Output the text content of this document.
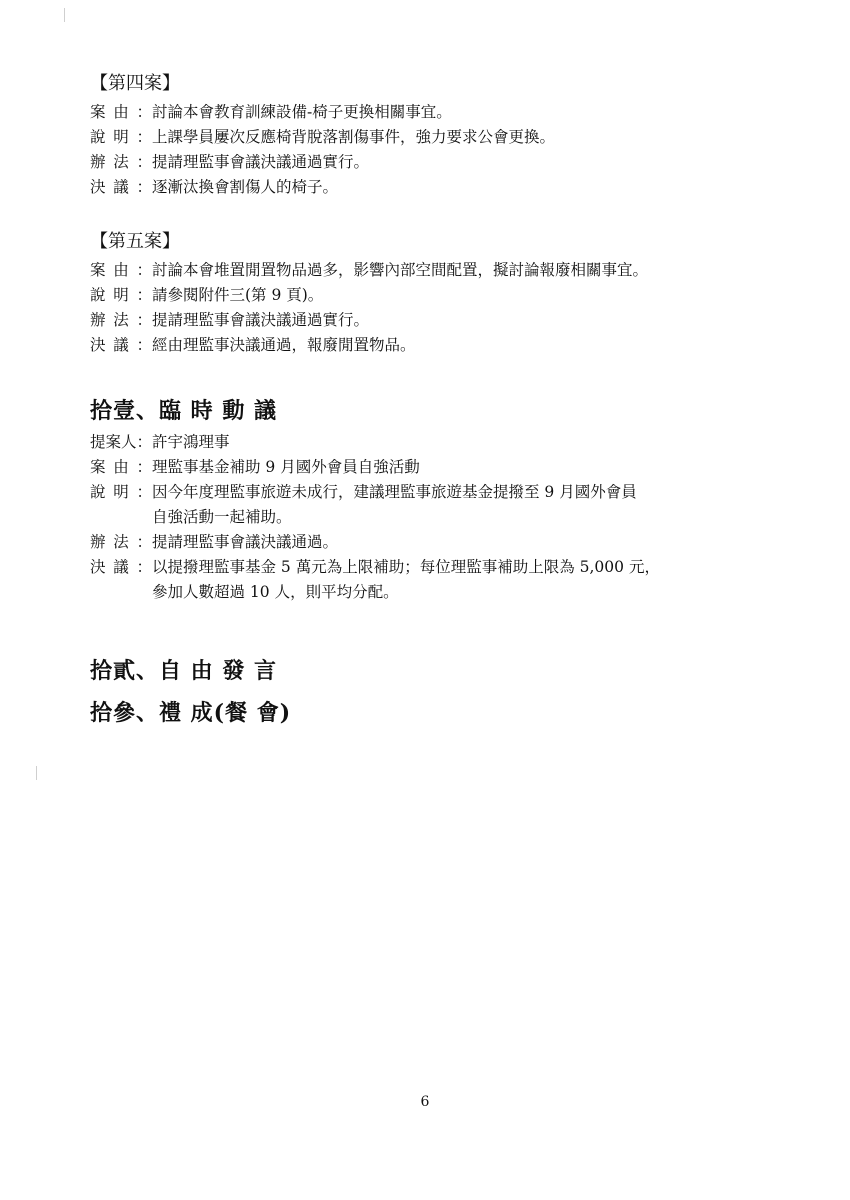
【第四案】
案 由 ： 討論本會教育訓練設備-椅子更換相關事宜。
說 明 ： 上課學員屢次反應椅背脫落割傷事件，強力要求公會更換。
辦 法 ： 提請理監事會議決議通過實行。
決 議 ： 逐漸汰換會割傷人的椅子。
【第五案】
案 由 ： 討論本會堆置閒置物品過多，影響內部空間配置，擬討論報廢相關事宜。
說 明 ： 請參閱附件三(第 9 頁)。
辦 法 ： 提請理監事會議決議通過實行。
決 議 ： 經由理監事決議通過，報廢閒置物品。
拾壹、臨 時 動 議
提案人：許宇鴻理事
案 由 ： 理監事基金補助 9 月國外會員自強活動
說 明 ： 因今年度理監事旅遊未成行，建議理監事旅遊基金提撥至 9 月國外會員
自強活動一起補助。
辦 法 ： 提請理監事會議決議通過。
決 議 ： 以提撥理監事基金 5 萬元為上限補助；每位理監事補助上限為 5,000 元，
參加人數超過 10 人，則平均分配。
拾貳、自 由 發 言
拾參、禮 成(餐 會)
6
